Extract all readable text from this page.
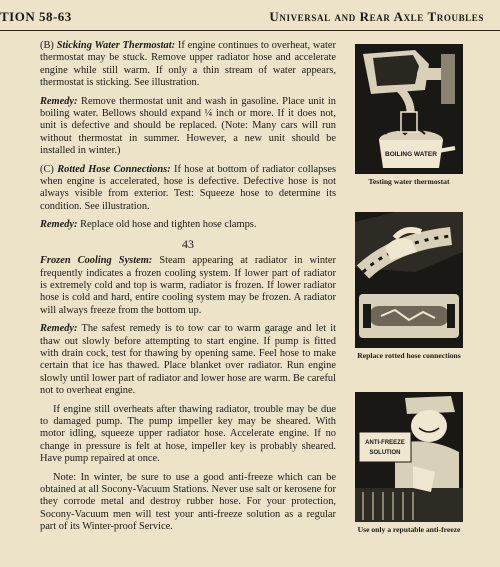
TION 58-63	Universal and Rear Axle Troubles

(B) Sticking Water Thermostat: If engine continues to overheat, water thermostat may be stuck. Remove upper radiator hose and accelerate engine while still warm. If only a thin stream of water appears, thermostat is sticking. See illustration.

Remedy: Remove thermostat unit and wash in gasoline. Place unit in boiling water. Bellows should expand ¼ inch or more. If it does not, unit is defective and should be replaced. (Note: Many cars will run without thermostat in summer. However, a new unit should be installed in winter.)

(C) Rotted Hose Connections: If hose at bottom of radiator collapses when engine is accelerated, hose is defective. Defective hose is not always visible from exterior. Test: Squeeze hose to determine its condition. See illustration.

Remedy: Replace old hose and tighten hose clamps.

43

Frozen Cooling System: Steam appearing at radiator in winter frequently indicates a frozen cooling system. If lower part of radiator is extremely cold and top is warm, radiator is frozen. If lower radiator hose is cold and hard, entire cooling system may be frozen. A radiator will always freeze from the bottom up.

Remedy: The safest remedy is to tow car to warm garage and let it thaw out slowly before attempting to start engine. If pump is fitted with drain cock, test for thawing by opening same. Feel hose to make certain that ice has thawed. Place blanket over radiator. Run engine slowly until lower part of radiator and lower hose are warm. Be careful not to overheat engine.

If engine still overheats after thawing radiator, trouble may be due to damaged pump. The pump impeller key may be sheared. With motor idling, squeeze upper radiator hose. Accelerate engine. If no change in pressure is felt at hose, impeller key is probably sheared. Have pump repaired at once.

Note: In winter, be sure to use a good anti-freeze which can be obtained at all Socony-Vacuum Stations. Never use salt or kerosene for they corrode metal and destroy rubber hose. For your protection, Socony-Vacuum men will test your anti-freeze solution as a regular part of its Winter-proof Service.

BOILING WATER
Testing water thermostat
Replace rotted hose connections
ANTI-FREEZE
SOLUTION
Use only a reputable anti-freeze
